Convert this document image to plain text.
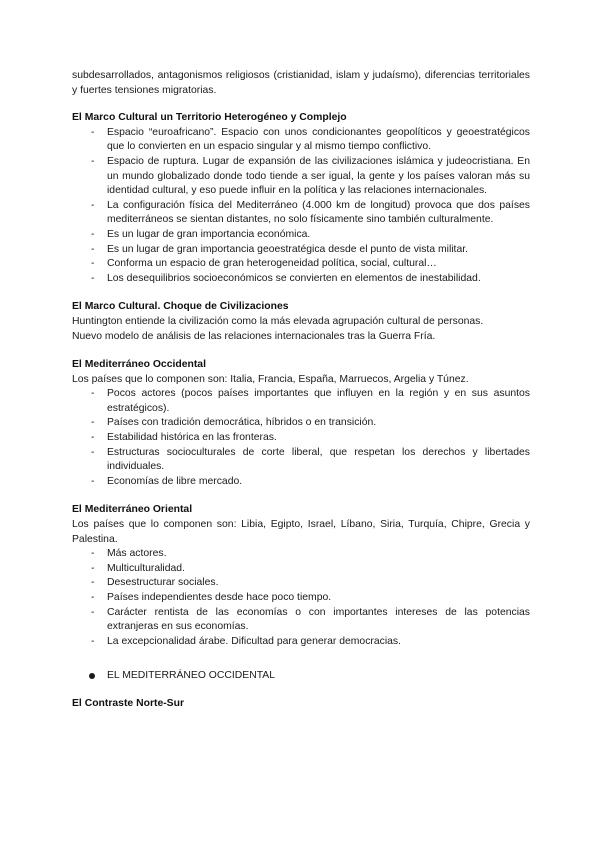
subdesarrollados, antagonismos religiosos (cristianidad, islam y judaísmo), diferencias territoriales y fuertes tensiones migratorias.

El Marco Cultural un Territorio Heterogéneo y Complejo
- Espacio “euroafricano”. Espacio con unos condicionantes geopolíticos y geoestratégicos que lo convierten en un espacio singular y al mismo tiempo conflictivo.
- Espacio de ruptura. Lugar de expansión de las civilizaciones islámica y judeocristiana. En un mundo globalizado donde todo tiende a ser igual, la gente y los países valoran más su identidad cultural, y eso puede influir en la política y las relaciones internacionales.
- La configuración física del Mediterráneo (4.000 km de longitud) provoca que dos países mediterráneos se sientan distantes, no solo físicamente sino también culturalmente.
- Es un lugar de gran importancia económica.
- Es un lugar de gran importancia geoestratégica desde el punto de vista militar.
- Conforma un espacio de gran heterogeneidad política, social, cultural…
- Los desequilibrios socioeconómicos se convierten en elementos de inestabilidad.
El Marco Cultural. Choque de Civilizaciones

Huntington entiende la civilización como la más elevada agrupación cultural de personas.

Nuevo modelo de análisis de las relaciones internacionales tras la Guerra Fría.

El Mediterráneo Occidental

Los países que lo componen son: Italia, Francia, España, Marruecos, Argelia y Túnez.

- Pocos actores (pocos países importantes que influyen en la región y en sus asuntos estratégicos).
- Países con tradición democrática, híbridos o en transición.
- Estabilidad histórica en las fronteras.
- Estructuras socioculturales de corte liberal, que respetan los derechos y libertades individuales.
- Economías de libre mercado.
El Mediterráneo Oriental

Los países que lo componen son: Libia, Egipto, Israel, Líbano, Siria, Turquía, Chipre, Grecia y Palestina.

- Más actores.
- Multiculturalidad.
- Desestructurar sociales.
- Países independientes desde hace poco tiempo.
- Carácter rentista de las economías o con importantes intereses de las potencias extranjeras en sus economías.
- La excepcionalidad árabe. Dificultad para generar democracias.
EL MEDITERRÁNEO OCCIDENTAL
El Contraste Norte-Sur
